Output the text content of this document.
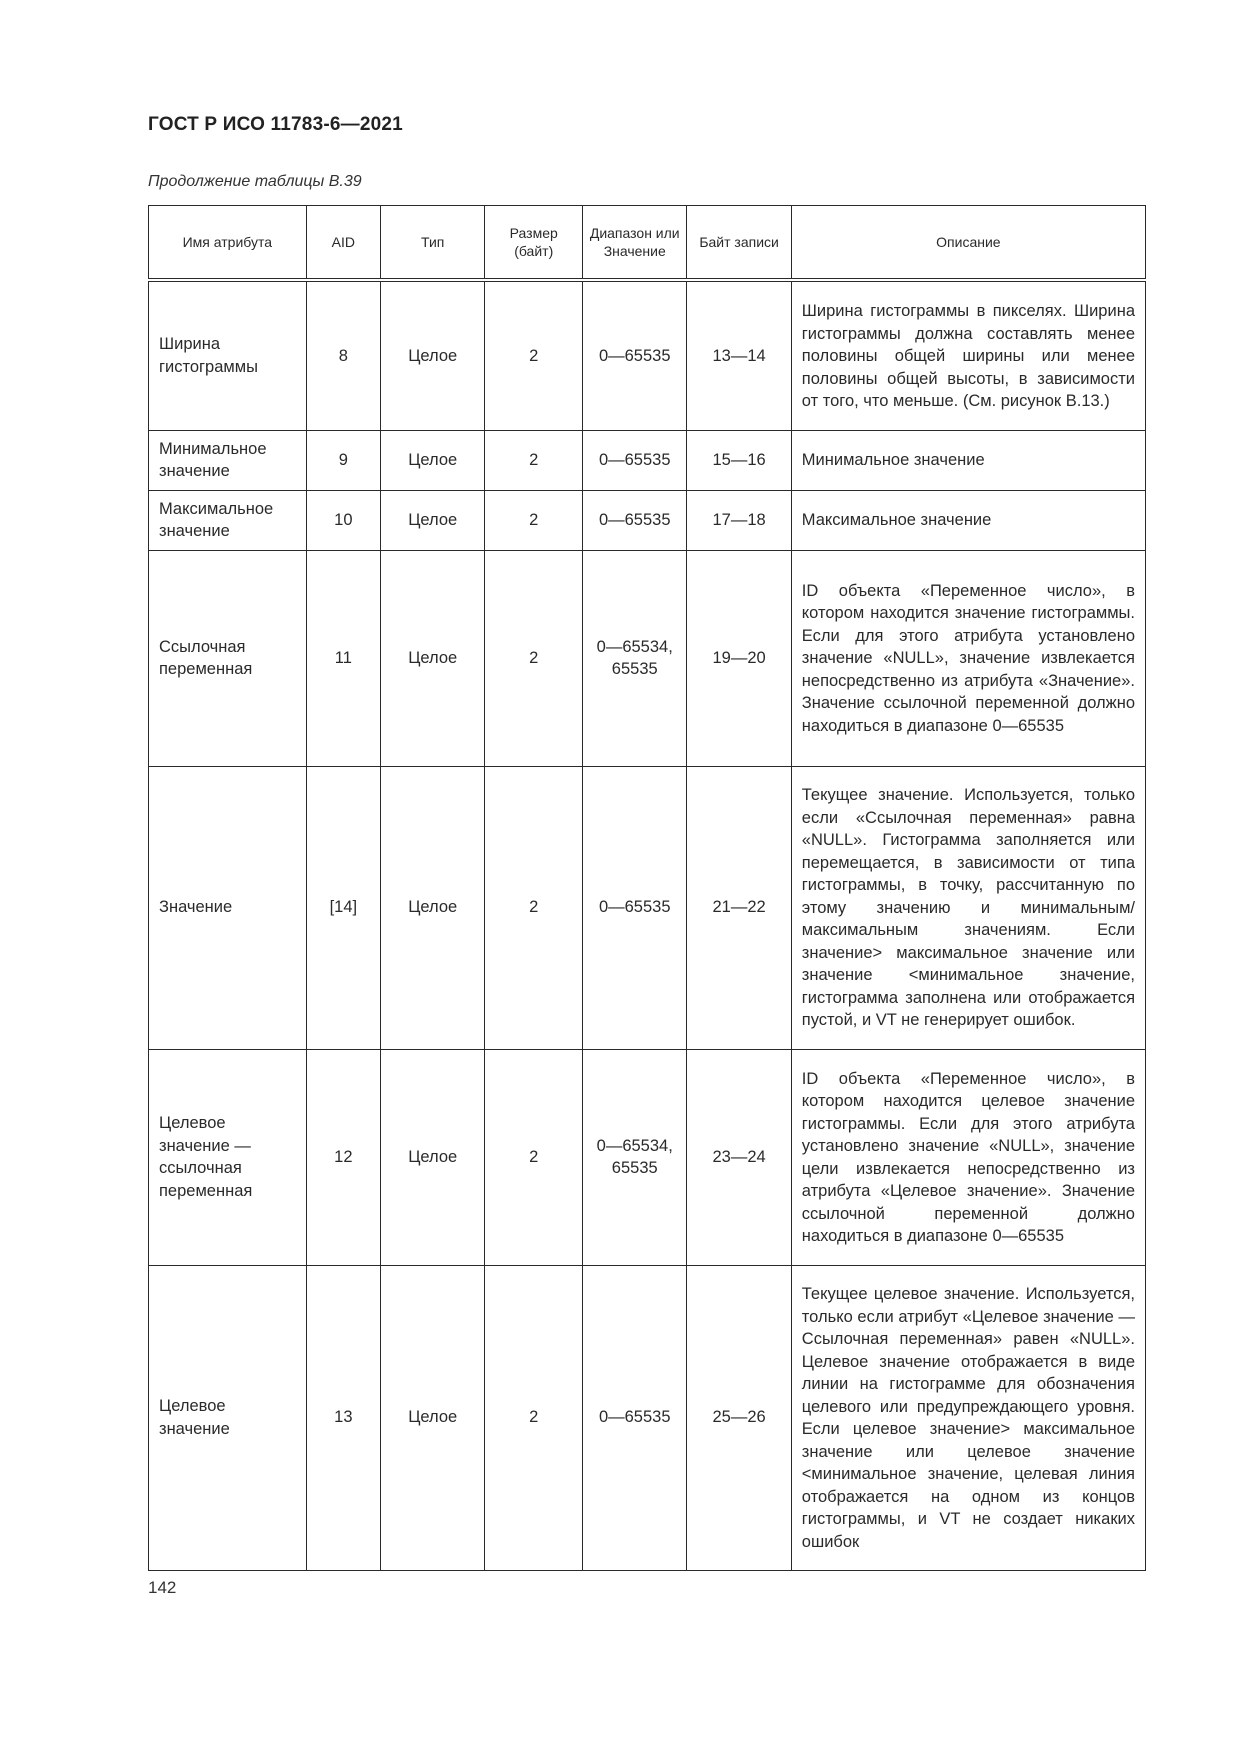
ГОСТ Р ИСО 11783-6—2021
Продолжение таблицы В.39
Имя атрибута	AID	Тип	Размер (байт)	Диапазон или Значение	Байт записи	Описание
Ширина гистограммы	8	Целое	2	0—65535	13—14	Ширина гистограммы в пикселях. Ширина гистограммы должна составлять менее половины общей ширины или менее половины общей высоты, в зависимости от того, что меньше. (См. рисунок В.13.)
Минимальное значение	9	Целое	2	0—65535	15—16	Минимальное значение
Максимальное значение	10	Целое	2	0—65535	17—18	Максимальное значение
Ссылочная переменная	11	Целое	2	0—65534, 65535	19—20	ID объекта «Переменное число», в котором находится значение гистограммы. Если для этого атрибута установлено значение «NULL», значение извлекается непосредственно из атрибута «Значение». Значение ссылочной переменной должно находиться в диапазоне 0—65535
Значение	[14]	Целое	2	0—65535	21—22	Текущее значение. Используется, только если «Ссылочная переменная» равна «NULL». Гистограмма заполняется или перемещается, в зависимости от типа гистограммы, в точку, рассчитанную по этому значению и минимальным/максимальным значениям. Если значение> максимальное значение или значение <минимальное значение, гистограмма заполнена или отображается пустой, и VT не генерирует ошибок.
Целевое значение — ссылочная переменная	12	Целое	2	0—65534, 65535	23—24	ID объекта «Переменное число», в котором находится целевое значение гистограммы. Если для этого атрибута установлено значение «NULL», значение цели извлекается непосредственно из атрибута «Целевое значение». Значение ссылочной переменной должно находиться в диапазоне 0—65535
Целевое значение	13	Целое	2	0—65535	25—26	Текущее целевое значение. Используется, только если атрибут «Целевое значение — Ссылочная переменная» равен «NULL». Целевое значение отображается в виде линии на гистограмме для обозначения целевого или предупреждающего уровня. Если целевое значение> максимальное значение или целевое значение <минимальное значение, целевая линия отображается на одном из концов гистограммы, и VT не создает никаких ошибок
142
